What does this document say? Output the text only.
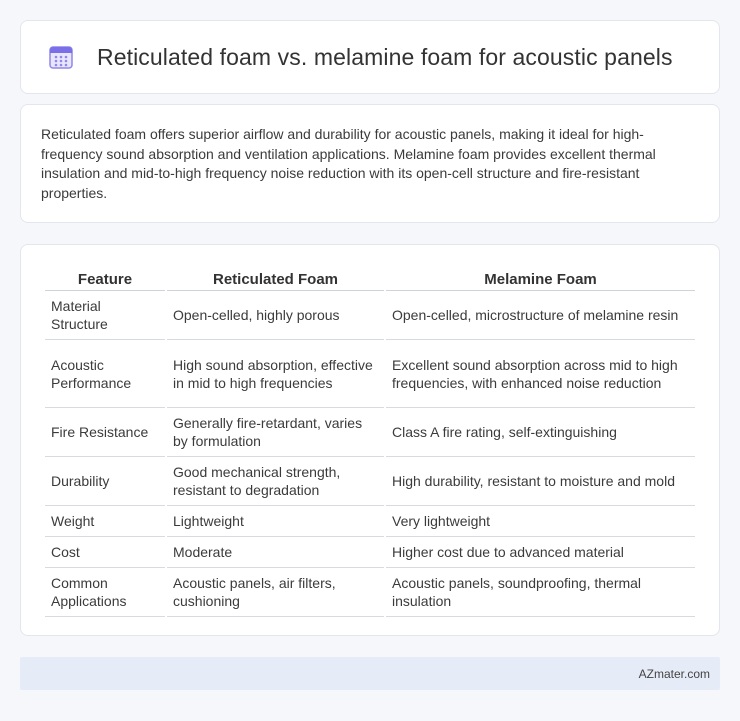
Reticulated foam vs. melamine foam for acoustic panels

Reticulated foam offers superior airflow and durability for acoustic panels, making it ideal for high-frequency sound absorption and ventilation applications. Melamine foam provides excellent thermal insulation and mid-to-high frequency noise reduction with its open-cell structure and fire-resistant properties.

Feature	Reticulated Foam	Melamine Foam
Material Structure	Open-celled, highly porous	Open-celled, microstructure of melamine resin
Acoustic Performance	High sound absorption, effective in mid to high frequencies	Excellent sound absorption across mid to high frequencies, with enhanced noise reduction
Fire Resistance	Generally fire-retardant, varies by formulation	Class A fire rating, self-extinguishing
Durability	Good mechanical strength, resistant to degradation	High durability, resistant to moisture and mold
Weight	Lightweight	Very lightweight
Cost	Moderate	Higher cost due to advanced material
Common Applications	Acoustic panels, air filters, cushioning	Acoustic panels, soundproofing, thermal insulation
AZmater.com
